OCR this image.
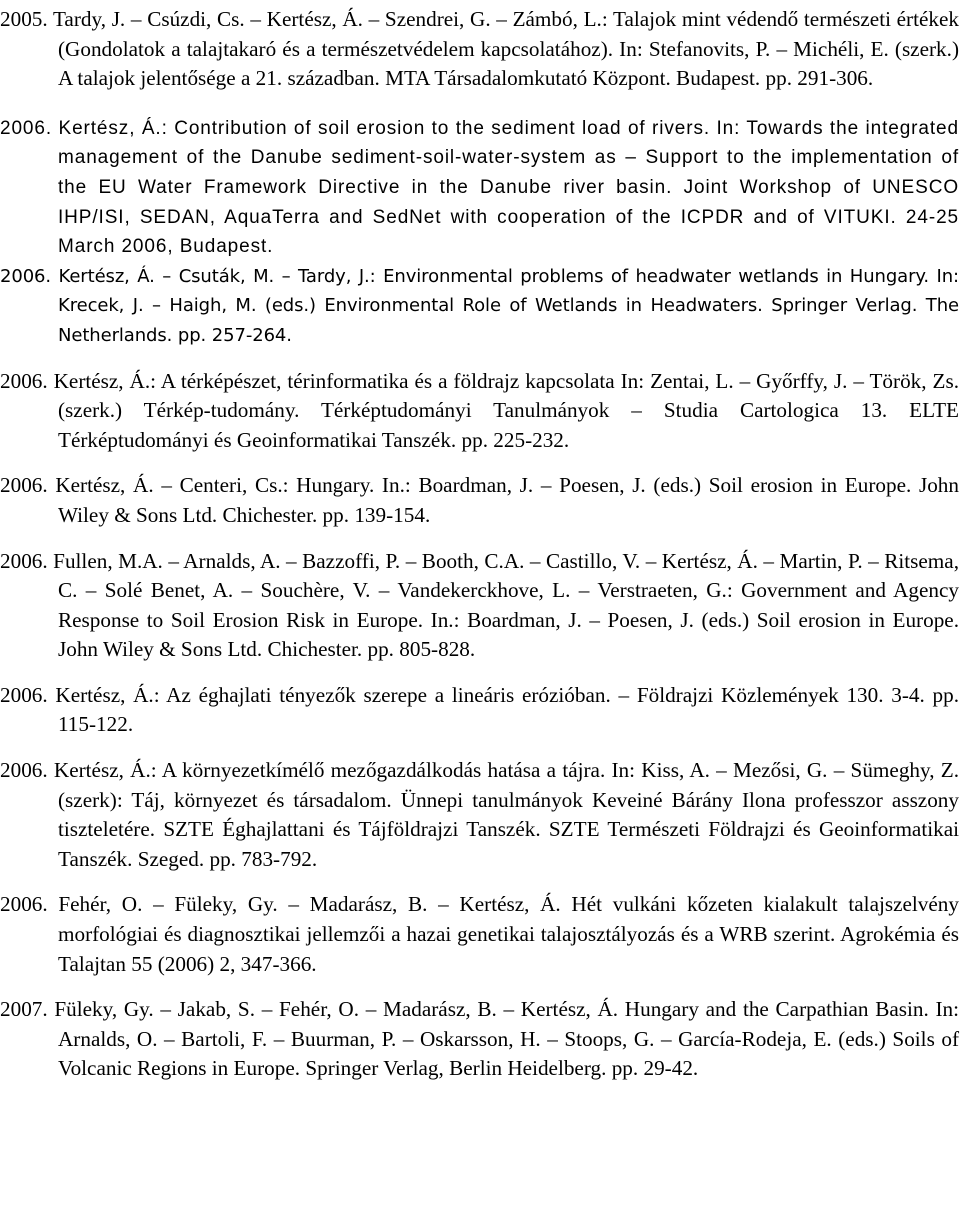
2005. Tardy, J. – Csúzdi, Cs. – Kertész, Á. – Szendrei, G. – Zámbó, L.: Talajok mint védendő természeti értékek (Gondolatok a talajtakaró és a természetvédelem kapcsolatához). In: Stefanovits, P. – Michéli, E. (szerk.) A talajok jelentősége a 21. században. MTA Társadalomkutató Központ. Budapest. pp. 291-306.

2006. Kertész, Á.: Contribution of soil erosion to the sediment load of rivers. In: Towards the integrated management of the Danube sediment-soil-water-system as – Support to the implementation of the EU Water Framework Directive in the Danube river basin. Joint Workshop of UNESCO IHP/ISI, SEDAN, AquaTerra and SedNet with cooperation of the ICPDR and of VITUKI. 24-25 March 2006, Budapest.

2006. Kertész, Á. – Csuták, M. – Tardy, J.: Environmental problems of headwater wetlands in Hungary. In: Krecek, J. – Haigh, M. (eds.) Environmental Role of Wetlands in Headwaters. Springer Verlag. The Netherlands. pp. 257-264.

2006. Kertész, Á.: A térképészet, térinformatika és a földrajz kapcsolata In: Zentai, L. – Győrffy, J. – Török, Zs. (szerk.) Térkép-tudomány. Térképtudományi Tanulmányok – Studia Cartologica 13. ELTE Térképtudományi és Geoinformatikai Tanszék. pp. 225-232.

2006. Kertész, Á. – Centeri, Cs.: Hungary. In.: Boardman, J. – Poesen, J. (eds.) Soil erosion in Europe. John Wiley & Sons Ltd. Chichester. pp. 139-154.

2006. Fullen, M.A. – Arnalds, A. – Bazzoffi, P. – Booth, C.A. – Castillo, V. – Kertész, Á. – Martin, P. – Ritsema, C. – Solé Benet, A. – Souchère, V. – Vandekerckhove, L. – Verstraeten, G.: Government and Agency Response to Soil Erosion Risk in Europe. In.: Boardman, J. – Poesen, J. (eds.) Soil erosion in Europe. John Wiley & Sons Ltd. Chichester. pp. 805-828.

2006. Kertész, Á.: Az éghajlati tényezők szerepe a lineáris erózióban. – Földrajzi Közlemények 130. 3-4. pp. 115-122.

2006. Kertész, Á.: A környezetkímélő mezőgazdálkodás hatása a tájra. In: Kiss, A. – Mezősi, G. – Sümeghy, Z. (szerk): Táj, környezet és társadalom. Ünnepi tanulmányok Keveiné Bárány Ilona professzor asszony tiszteletére. SZTE Éghajlattani és Tájföldrajzi Tanszék. SZTE Természeti Földrajzi és Geoinformatikai Tanszék. Szeged. pp. 783-792.

2006. Fehér, O. – Füleky, Gy. – Madarász, B. – Kertész, Á. Hét vulkáni kőzeten kialakult talajszelvény morfológiai és diagnosztikai jellemzői a hazai genetikai talajosztályozás és a WRB szerint. Agrokémia és Talajtan 55 (2006) 2, 347-366.

2007. Füleky, Gy. – Jakab, S. – Fehér, O. – Madarász, B. – Kertész, Á. Hungary and the Carpathian Basin. In: Arnalds, O. – Bartoli, F. – Buurman, P. – Oskarsson, H. – Stoops, G. – García-Rodeja, E. (eds.) Soils of Volcanic Regions in Europe. Springer Verlag, Berlin Heidelberg. pp. 29-42.
